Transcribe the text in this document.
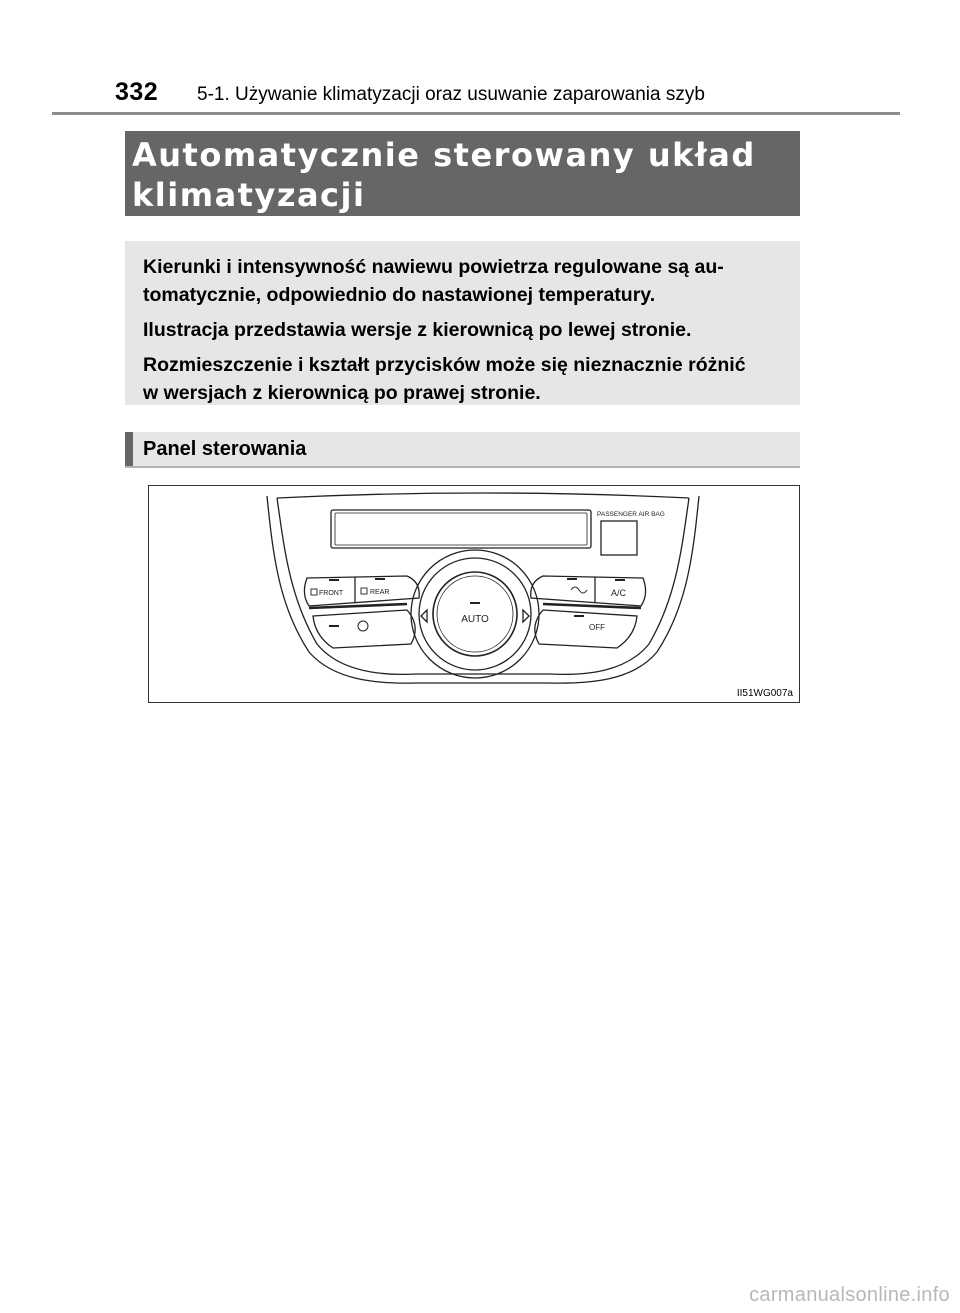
332 5-1. Używanie klimatyzacji oraz usuwanie zaparowania szyb
Automatycznie sterowany układ
klimatyzacji

Kierunki i intensywność nawiewu powietrza regulowane są au-
tomatycznie, odpowiednio do nastawionej temperatury.

Ilustracja przedstawia wersje z kierownicą po lewej stronie.

Rozmieszczenie i kształt przycisków może się nieznacznie różnić
w wersjach z kierownicą po prawej stronie.

Panel sterowania
PASSENGER AIR BAG
FRONT	REAR
AUTO
A/C
OFF
II51WG007a
carmanualsonline.info
